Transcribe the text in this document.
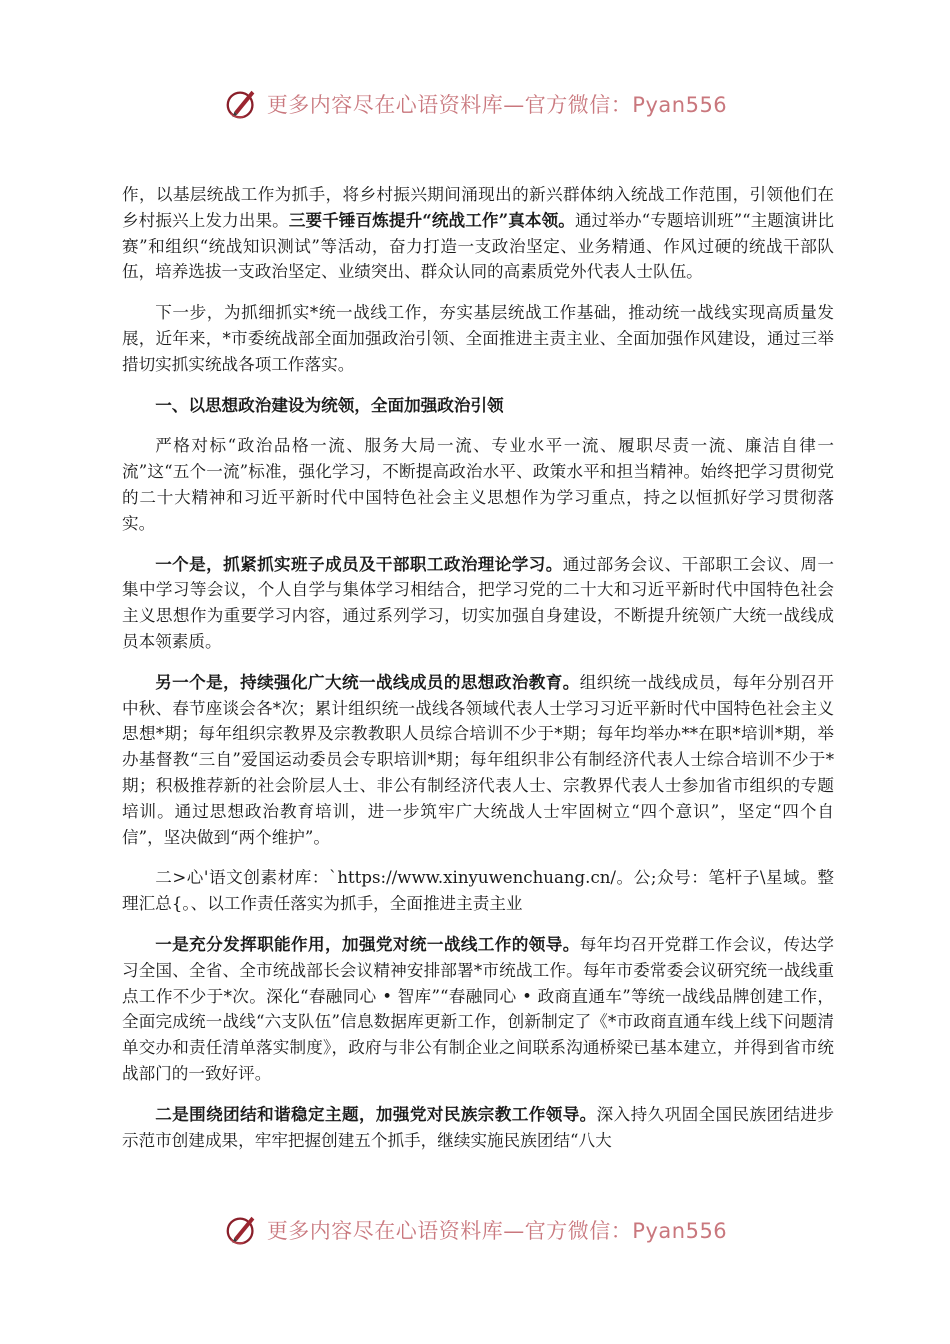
更多内容尽在心语资料库—官方微信：Pyan556

作，以基层统战工作为抓手，将乡村振兴期间涌现出的新兴群体纳入统战工作范围，引领他们在乡村振兴上发力出果。三要千锤百炼提升“统战工作”真本领。通过举办“专题培训班”“主题演讲比赛”和组织“统战知识测试”等活动，奋力打造一支政治坚定、业务精通、作风过硬的统战干部队伍，培养选拔一支政治坚定、业绩突出、群众认同的高素质党外代表人士队伍。

下一步，为抓细抓实*统一战线工作，夯实基层统战工作基础，推动统一战线实现高质量发展，近年来，*市委统战部全面加强政治引领、全面推进主责主业、全面加强作风建设，通过三举措切实抓实统战各项工作落实。

一、以思想政治建设为统领，全面加强政治引领

严格对标“政治品格一流、服务大局一流、专业水平一流、履职尽责一流、廉洁自律一流”这“五个一流”标准，强化学习，不断提高政治水平、政策水平和担当精神。始终把学习贯彻党的二十大精神和习近平新时代中国特色社会主义思想作为学习重点，持之以恒抓好学习贯彻落实。

一个是，抓紧抓实班子成员及干部职工政治理论学习。通过部务会议、干部职工会议、周一集中学习等会议，个人自学与集体学习相结合，把学习党的二十大和习近平新时代中国特色社会主义思想作为重要学习内容，通过系列学习，切实加强自身建设，不断提升统领广大统一战线成员本领素质。

另一个是，持续强化广大统一战线成员的思想政治教育。组织统一战线成员，每年分别召开中秋、春节座谈会各*次；累计组织统一战线各领域代表人士学习习近平新时代中国特色社会主义思想*期；每年组织宗教界及宗教教职人员综合培训不少于*期；每年均举办**在职*培训*期，举办基督教“三自”爱国运动委员会专职培训*期；每年组织非公有制经济代表人士综合培训不少于*期；积极推荐新的社会阶层人士、非公有制经济代表人士、宗教界代表人士参加省市组织的专题培训。通过思想政治教育培训，进一步筑牢广大统战人士牢固树立“四个意识”，坚定“四个自信”，坚决做到“两个维护”。

二>心'语文创素材库：`https://www.xinyuwenchuang.cn/。公;众号：笔杆子\星域。整理汇总{。、以工作责任落实为抓手，全面推进主责主业

一是充分发挥职能作用，加强党对统一战线工作的领导。每年均召开党群工作会议，传达学习全国、全省、全市统战部长会议精神安排部署*市统战工作。每年市委常委会议研究统一战线重点工作不少于*次。深化“春融同心 • 智库”“春融同心 • 政商直通车”等统一战线品牌创建工作，全面完成统一战线“六支队伍”信息数据库更新工作，创新制定了《*市政商直通车线上线下问题清单交办和责任清单落实制度》，政府与非公有制企业之间联系沟通桥梁已基本建立，并得到省市统战部门的一致好评。

二是围绕团结和谐稳定主题，加强党对民族宗教工作领导。深入持久巩固全国民族团结进步示范市创建成果，牢牢把握创建五个抓手，继续实施民族团结“八大

更多内容尽在心语资料库—官方微信：Pyan556
